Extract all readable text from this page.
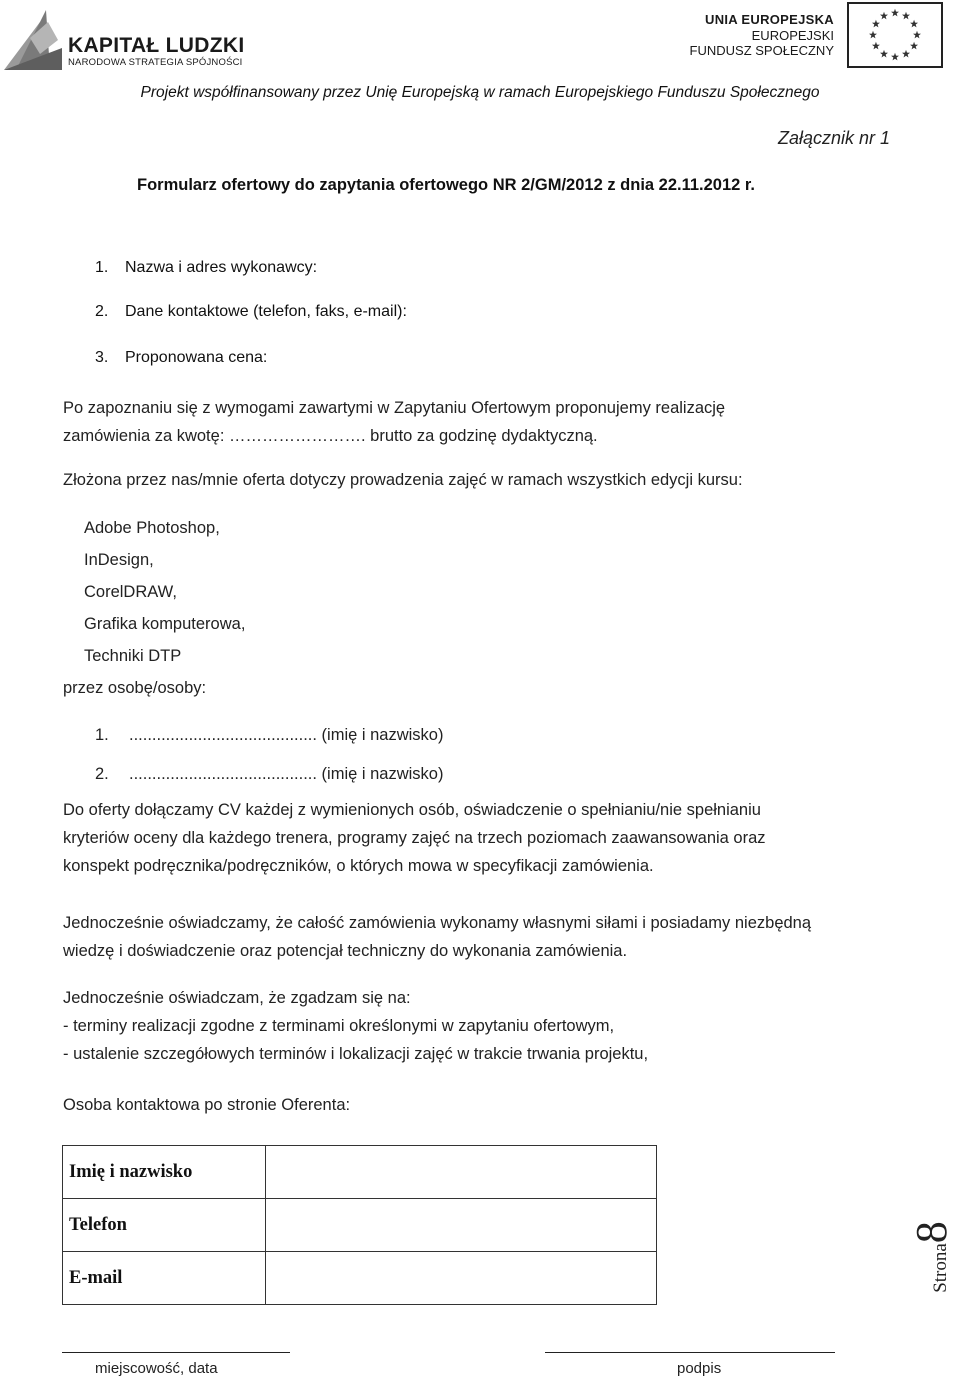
KAPITAŁ LUDZKI
NARODOWA STRATEGIA SPÓJNOŚCI
UNIA EUROPEJSKA
EUROPEJSKI
FUNDUSZ SPOŁECZNY
Projekt współfinansowany przez Unię Europejską w ramach Europejskiego Funduszu Społecznego
Załącznik nr 1
Formularz ofertowy do zapytania ofertowego NR 2/GM/2012 z dnia 22.11.2012 r.
1. Nazwa i adres wykonawcy:
2. Dane kontaktowe (telefon, faks, e-mail):
3. Proponowana cena:
Po zapoznaniu się z wymogami zawartymi w Zapytaniu Ofertowym proponujemy realizację
zamówienia za kwotę: ……………………. brutto za godzinę dydaktyczną.
Złożona przez nas/mnie oferta dotyczy prowadzenia zajęć w ramach wszystkich edycji kursu:
Adobe Photoshop,
InDesign,
CorelDRAW,
Grafika komputerowa,
Techniki DTP
przez osobę/osoby:
1. ......................................... (imię i nazwisko)
2. ......................................... (imię i nazwisko)
Do oferty dołączamy CV każdej z wymienionych osób, oświadczenie o spełnianiu/nie spełnianiu
kryteriów oceny dla każdego trenera, programy zajęć na trzech poziomach zaawansowania oraz
konspekt podręcznika/podręczników, o których mowa w specyfikacji zamówienia.
Jednocześnie oświadczamy, że całość zamówienia wykonamy własnymi siłami i posiadamy niezbędną
wiedzę i doświadczenie oraz potencjał techniczny do wykonania zamówienia.
Jednocześnie oświadczam, że zgadzam się na:
- terminy realizacji zgodne z terminami określonymi w zapytaniu ofertowym,
- ustalenie szczegółowych terminów i lokalizacji zajęć w trakcie trwania projektu,
Osoba kontaktowa po stronie Oferenta:
Imię i nazwisko	
Telefon	
E-mail		Strona8
miejscowość, data	podpis
